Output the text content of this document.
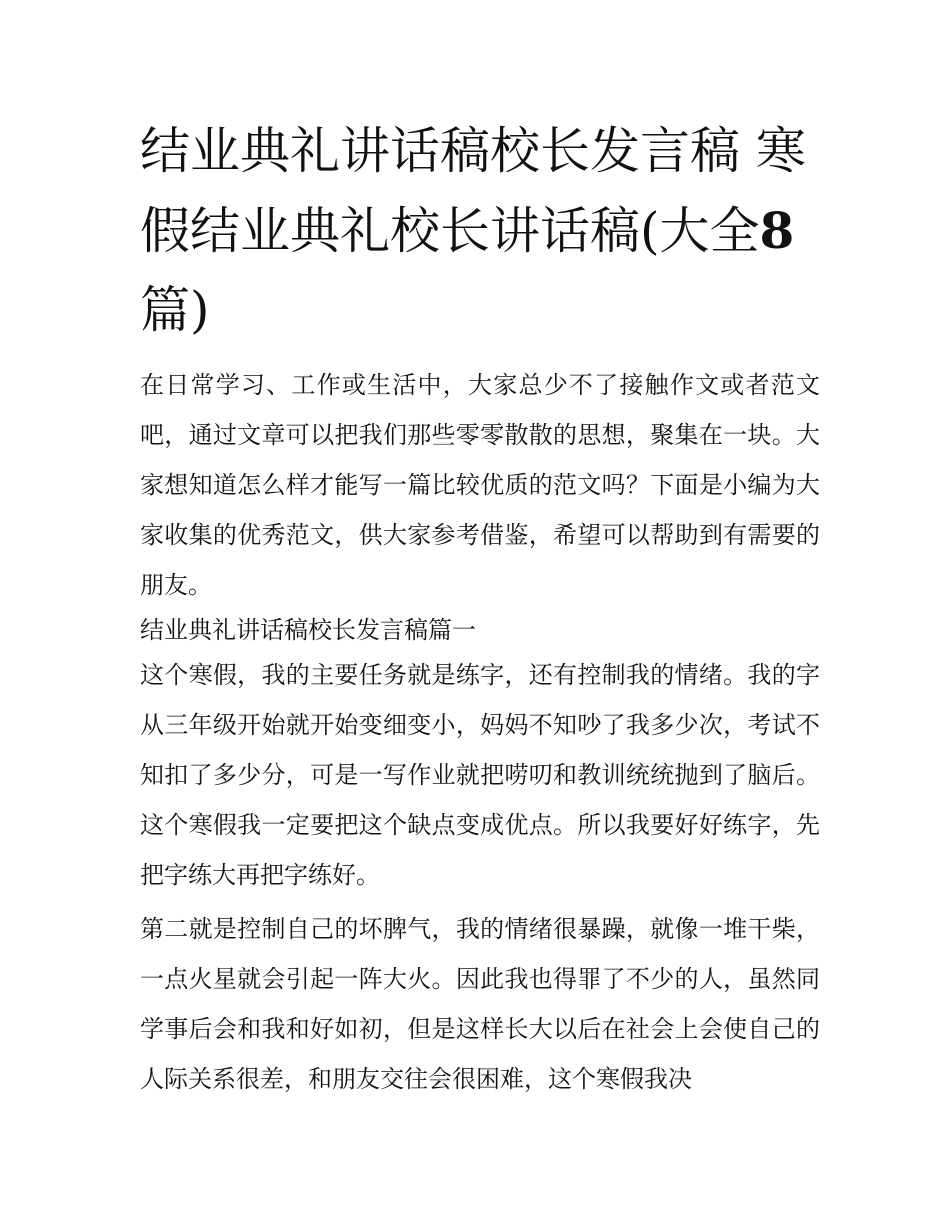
结业典礼讲话稿校长发言稿 寒假结业典礼校长讲话稿(大全8
篇)

在日常学习、工作或生活中，大家总少不了接触作文或者范文吧，通过文章可以把我们那些零零散散的思想，聚集在一块。大家想知道怎么样才能写一篇比较优质的范文吗？下面是小编为大家收集的优秀范文，供大家参考借鉴，希望可以帮助到有需要的朋友。

结业典礼讲话稿校长发言稿篇一

这个寒假，我的主要任务就是练字，还有控制我的情绪。我的字从三年级开始就开始变细变小，妈妈不知吵了我多少次，考试不知扣了多少分，可是一写作业就把唠叨和教训统统抛到了脑后。这个寒假我一定要把这个缺点变成优点。所以我要好好练字，先把字练大再把字练好。

第二就是控制自己的坏脾气，我的情绪很暴躁，就像一堆干柴，一点火星就会引起一阵大火。因此我也得罪了不少的人，虽然同学事后会和我和好如初，但是这样长大以后在社会上会使自己的人际关系很差，和朋友交往会很困难，这个寒假我决
